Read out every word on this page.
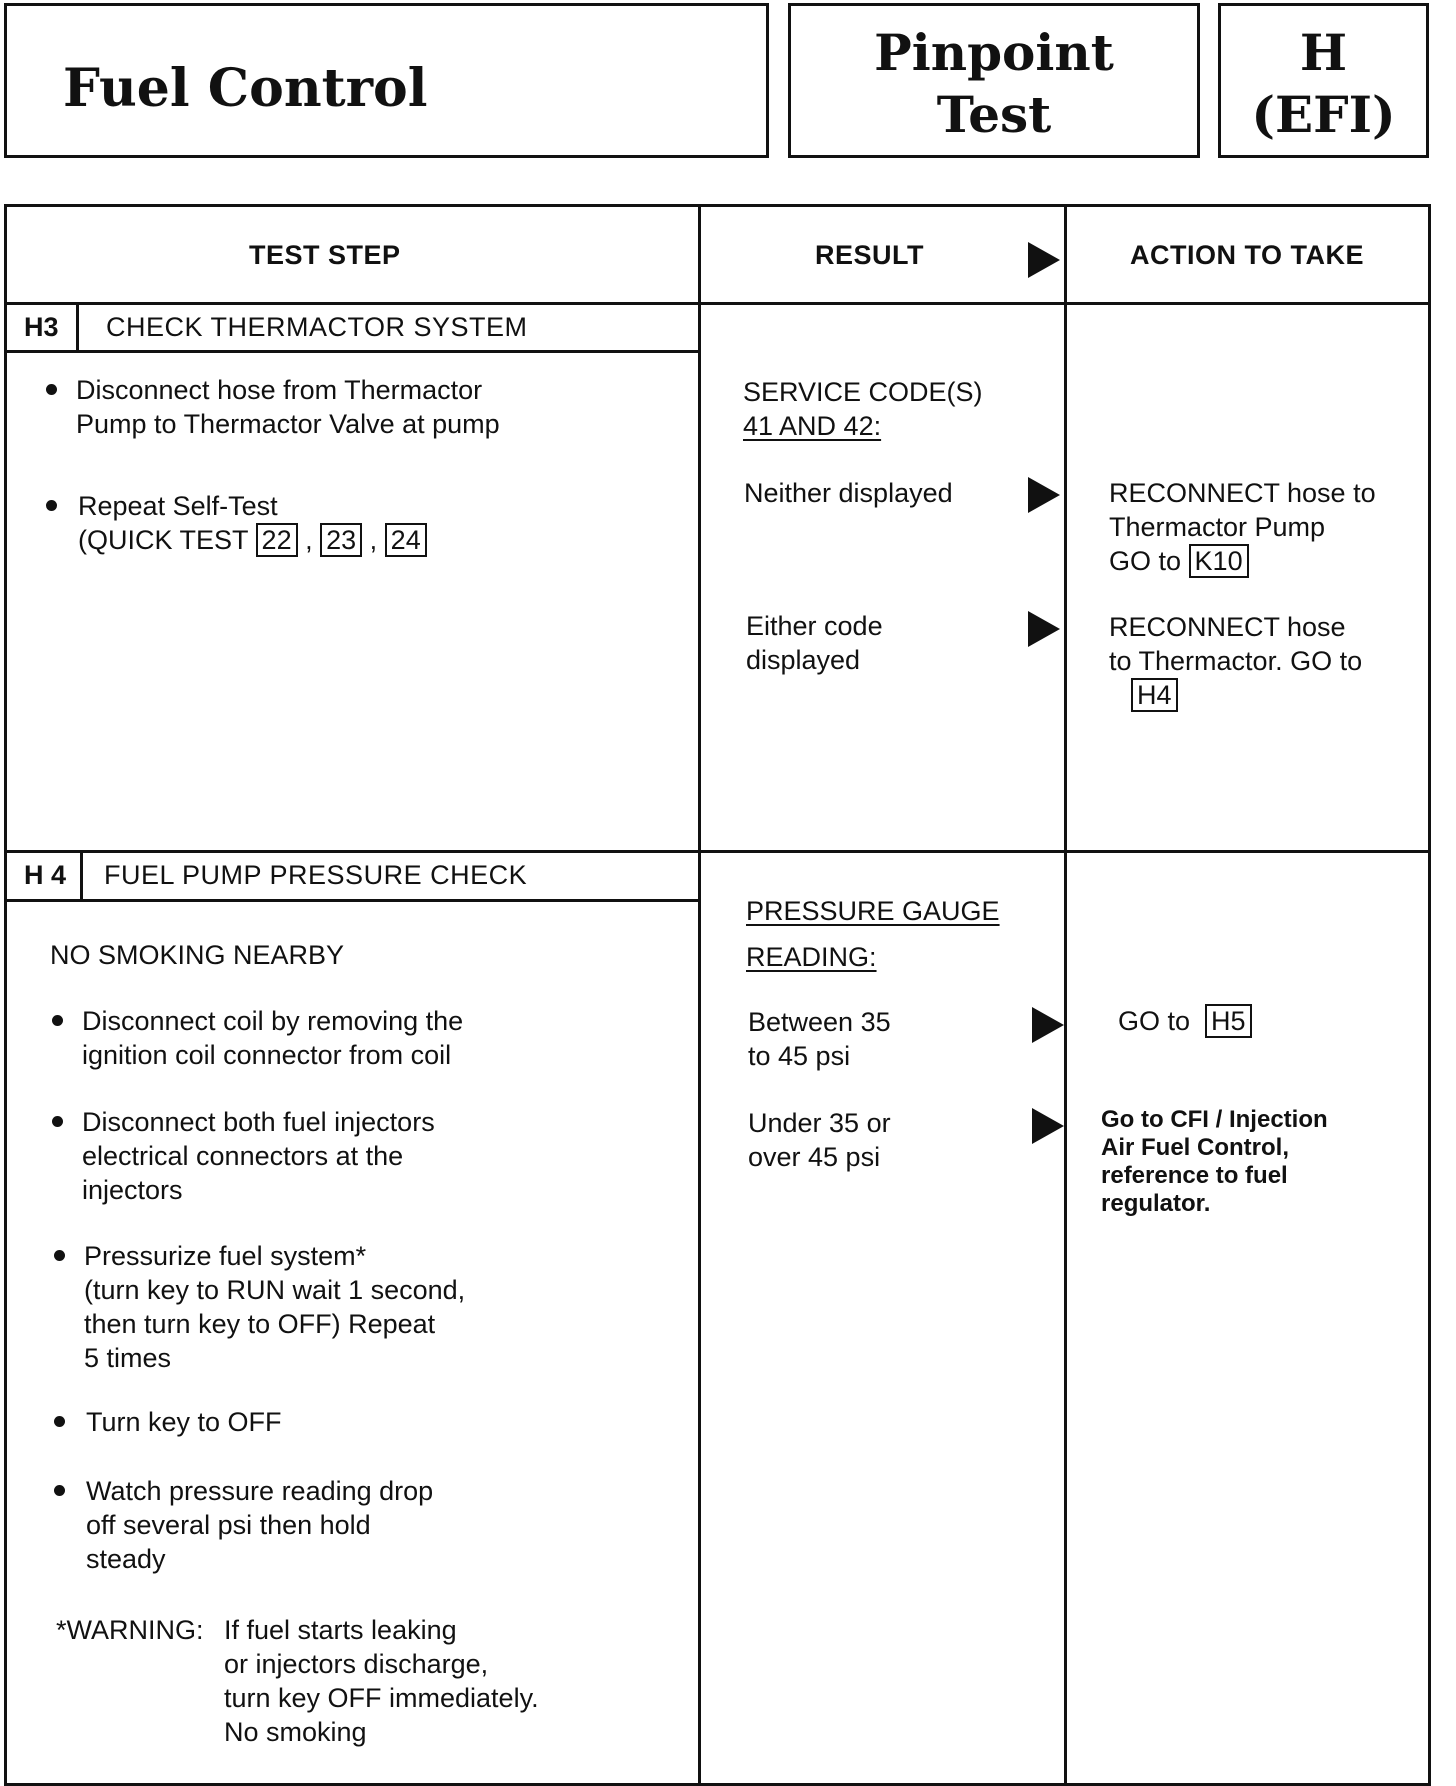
Fuel Control
Pinpoint
Test
H
(EFI)
TEST STEP	RESULT	ACTION TO TAKE
H3 CHECK THERMACTOR SYSTEM
Disconnect hose from Thermactor
Pump to Thermactor Valve at pump
Repeat Self-Test
(QUICK TEST 22 , 23 , 24
SERVICE CODE(S)
41 AND 42:
Neither displayed
Either code
displayed
RECONNECT hose to
Thermactor Pump
GO to K10
RECONNECT hose
to Thermactor. GO to
H4
H 4 FUEL PUMP PRESSURE CHECK
NO SMOKING NEARBY
Disconnect coil by removing the
ignition coil connector from coil
Disconnect both fuel injectors
electrical connectors at the
injectors
Pressurize fuel system*
(turn key to RUN wait 1 second,
then turn key to OFF) Repeat
5 times
Turn key to OFF
Watch pressure reading drop
off several psi then hold
steady
*WARNING: If fuel starts leaking
or injectors discharge,
turn key OFF immediately.
No smoking
PRESSURE GAUGE
READING:
Between 35
to 45 psi
Under 35 or
over 45 psi
GO to H5
Go to CFI / Injection
Air Fuel Control,
reference to fuel
regulator.
